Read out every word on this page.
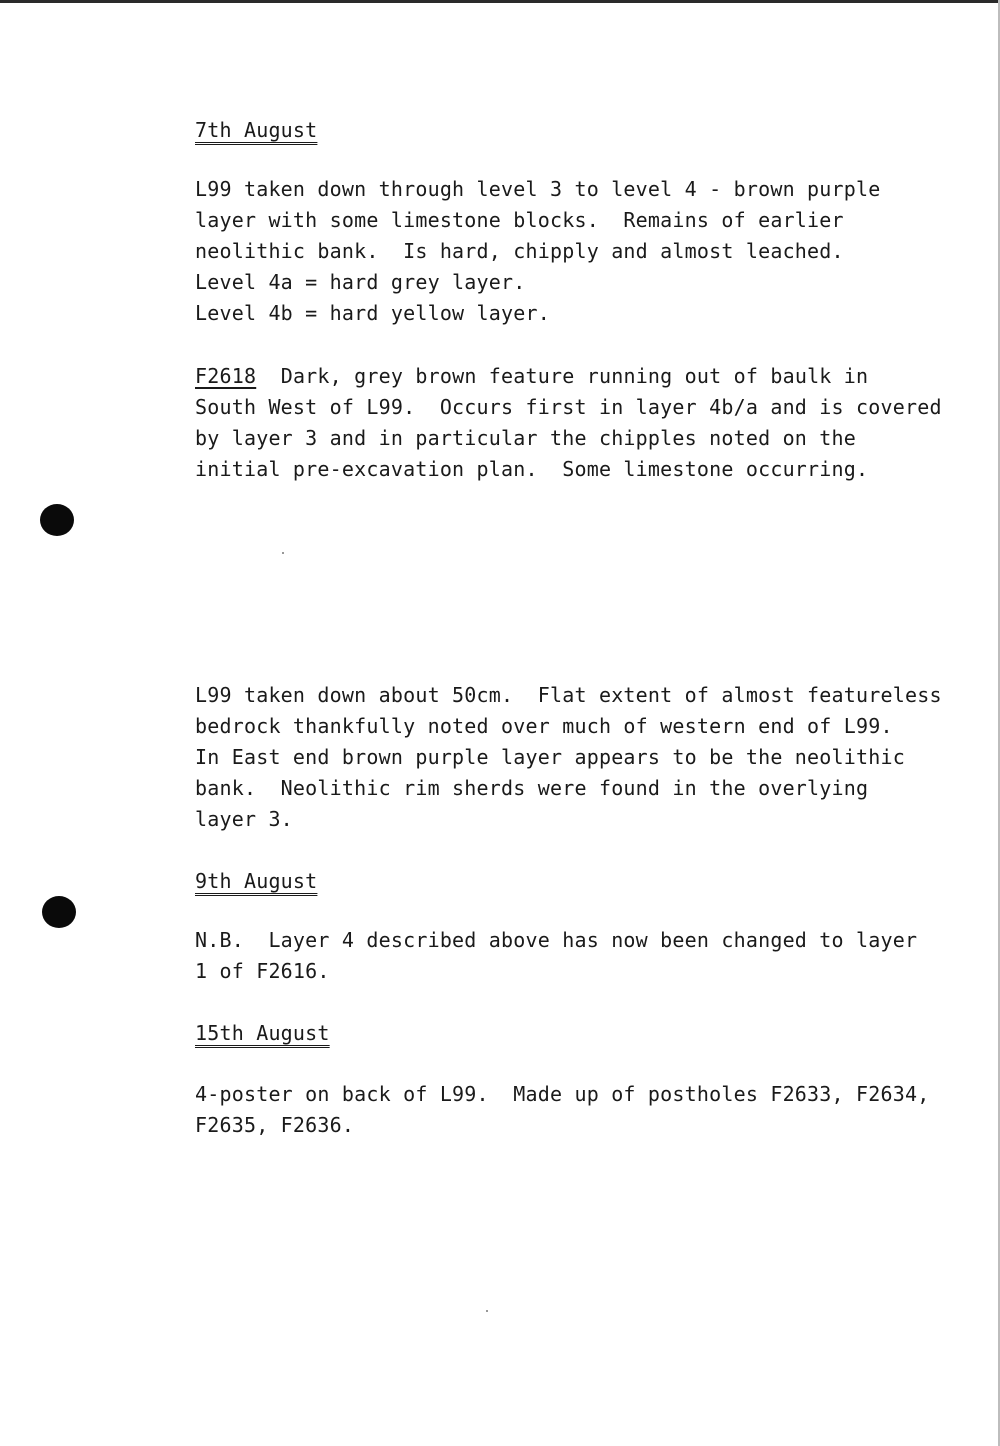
7th August
L99 taken down through level 3 to level 4 - brown purple
layer with some limestone blocks.  Remains of earlier
neolithic bank.  Is hard, chipply and almost leached.
Level 4a = hard grey layer.
Level 4b = hard yellow layer.
F2618  Dark, grey brown feature running out of baulk in
South West of L99.  Occurs first in layer 4b/a and is covered
by layer 3 and in particular the chipples noted on the
initial pre-excavation plan.  Some limestone occurring.
L99 taken down about 50cm.  Flat extent of almost featureless
bedrock thankfully noted over much of western end of L99.
In East end brown purple layer appears to be the neolithic
bank.  Neolithic rim sherds were found in the overlying
layer 3.
9th August
N.B.  Layer 4 described above has now been changed to layer
1 of F2616.
15th August
4-poster on back of L99.  Made up of postholes F2633, F2634,
F2635, F2636.
